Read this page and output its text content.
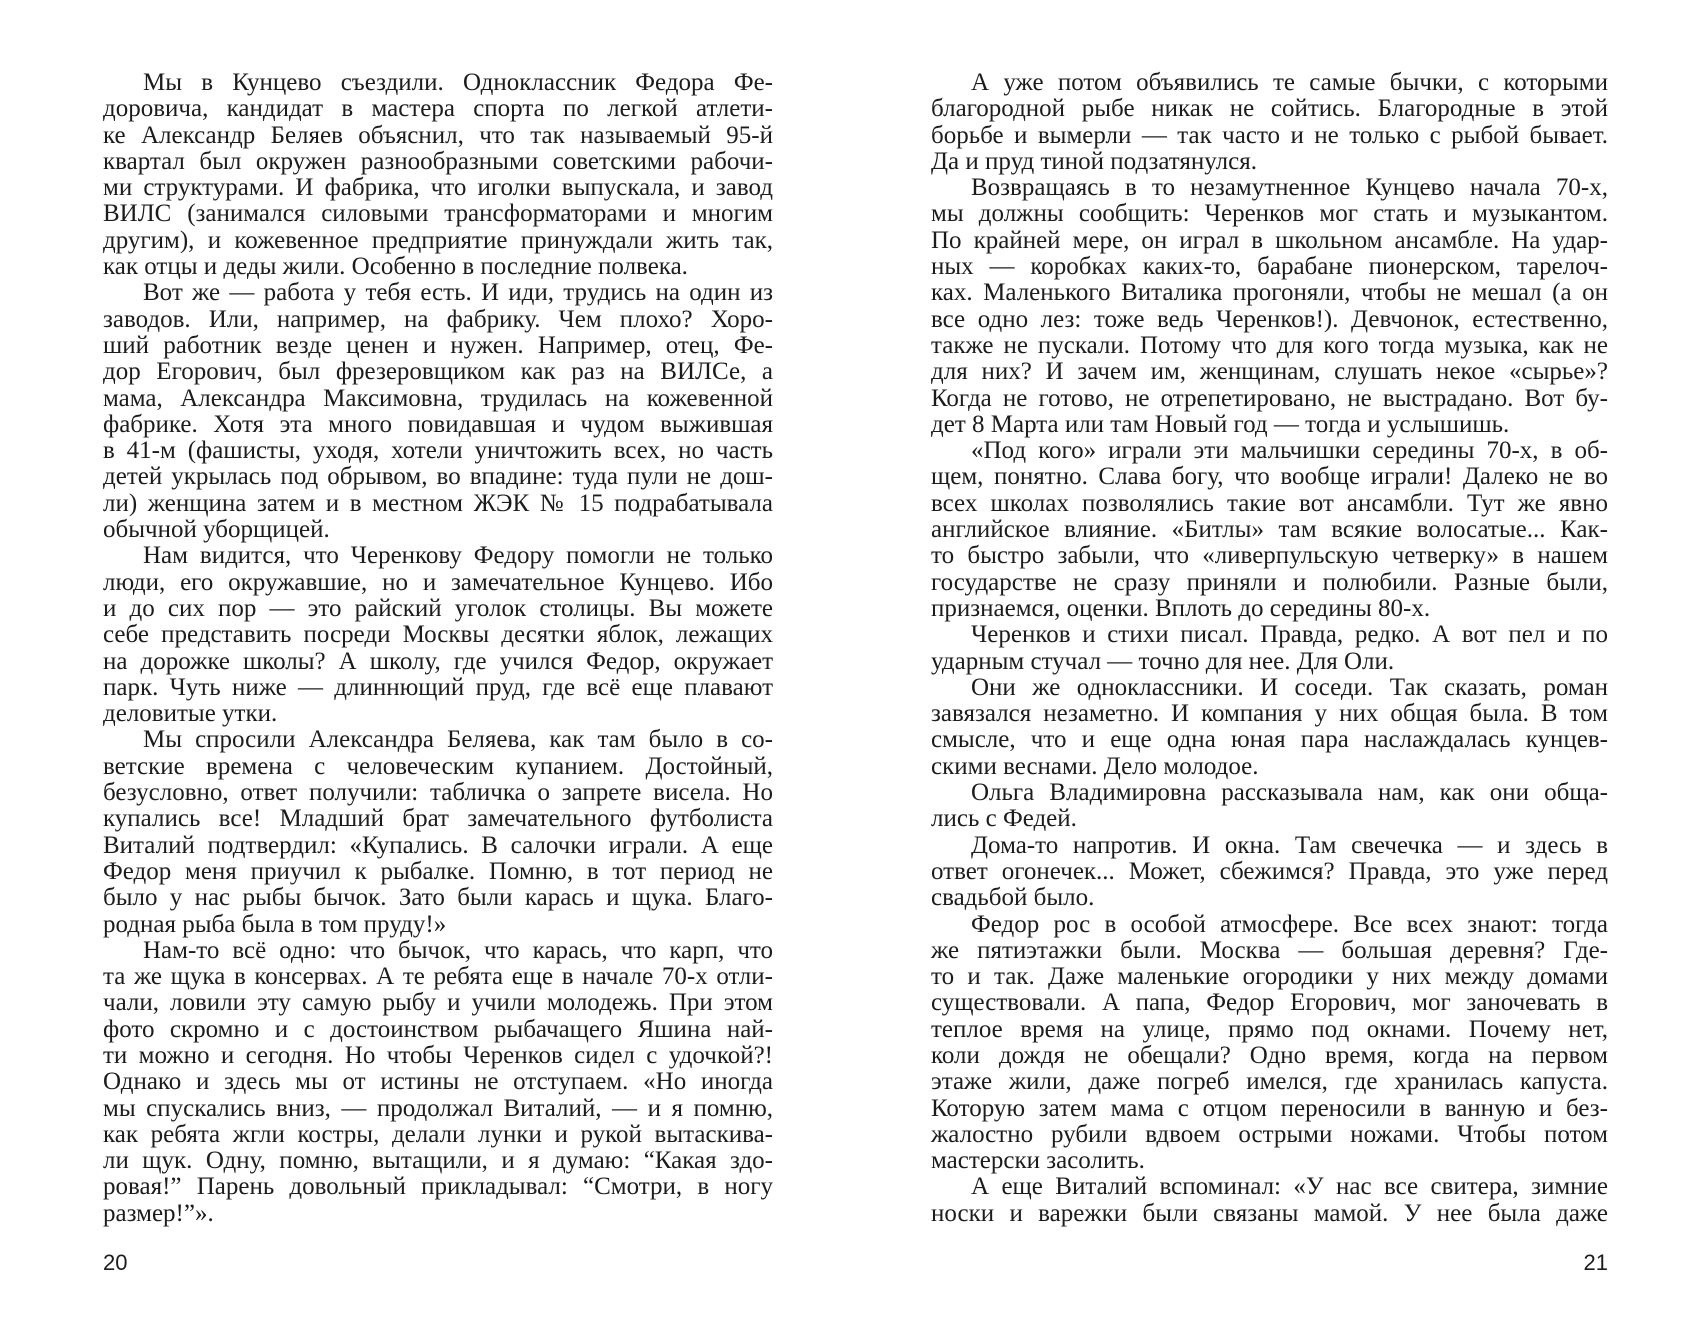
Мы в Кунцево съездили. Одноклассник Федора Фе-
доровича, кандидат в мастера спорта по легкой атлети-
ке Александр Беляев объяснил, что так называемый 95-й
квартал был окружен разнообразными советскими рабочи-
ми структурами. И фабрика, что иголки выпускала, и завод
ВИЛС (занимался силовыми трансформаторами и многим
другим), и кожевенное предприятие принуждали жить так,
как отцы и деды жили. Особенно в последние полвека.
Вот же — работа у тебя есть. И иди, трудись на один из
заводов. Или, например, на фабрику. Чем плохо? Хоро-
ший работник везде ценен и нужен. Например, отец, Фе-
дор Егорович, был фрезеровщиком как раз на ВИЛСе, а
мама, Александра Максимовна, трудилась на кожевенной
фабрике. Хотя эта много повидавшая и чудом выжившая
в 41-м (фашисты, уходя, хотели уничтожить всех, но часть
детей укрылась под обрывом, во впадине: туда пули не дош-
ли) женщина затем и в местном ЖЭК № 15 подрабатывала
обычной уборщицей.
Нам видится, что Черенкову Федору помогли не только
люди, его окружавшие, но и замечательное Кунцево. Ибо
и до сих пор — это райский уголок столицы. Вы можете
себе представить посреди Москвы десятки яблок, лежащих
на дорожке школы? А школу, где учился Федор, окружает
парк. Чуть ниже — длиннющий пруд, где всё еще плавают
деловитые утки.
Мы спросили Александра Беляева, как там было в со-
ветские времена с человеческим купанием. Достойный,
безусловно, ответ получили: табличка о запрете висела. Но
купались все! Младший брат замечательного футболиста
Виталий подтвердил: «Купались. В салочки играли. А еще
Федор меня приучил к рыбалке. Помню, в тот период не
было у нас рыбы бычок. Зато были карась и щука. Благо-
родная рыба была в том пруду!»
Нам-то всё одно: что бычок, что карась, что карп, что
та же щука в консервах. А те ребята еще в начале 70-х отли-
чали, ловили эту самую рыбу и учили молодежь. При этом
фото скромно и с достоинством рыбачащего Яшина най-
ти можно и сегодня. Но чтобы Черенков сидел с удочкой?!
Однако и здесь мы от истины не отступаем. «Но иногда
мы спускались вниз, — продолжал Виталий, — и я помню,
как ребята жгли костры, делали лунки и рукой вытаскива-
ли щук. Одну, помню, вытащили, и я думаю: “Какая здо-
ровая!” Парень довольный прикладывал: “Смотри, в ногу
размер!”».
А уже потом объявились те самые бычки, с которыми
благородной рыбе никак не сойтись. Благородные в этой
борьбе и вымерли — так часто и не только с рыбой бывает.
Да и пруд тиной подзатянулся.
Возвращаясь в то незамутненное Кунцево начала 70-х,
мы должны сообщить: Черенков мог стать и музыкантом.
По крайней мере, он играл в школьном ансамбле. На удар-
ных — коробках каких-то, барабане пионерском, тарелоч-
ках. Маленького Виталика прогоняли, чтобы не мешал (а он
все одно лез: тоже ведь Черенков!). Девчонок, естественно,
также не пускали. Потому что для кого тогда музыка, как не
для них? И зачем им, женщинам, слушать некое «сырье»?
Когда не готово, не отрепетировано, не выстрадано. Вот бу-
дет 8 Марта или там Новый год — тогда и услышишь.
«Под кого» играли эти мальчишки середины 70-х, в об-
щем, понятно. Слава богу, что вообще играли! Далеко не во
всех школах позволялись такие вот ансамбли. Тут же явно
английское влияние. «Битлы» там всякие волосатые... Как-
то быстро забыли, что «ливерпульскую четверку» в нашем
государстве не сразу приняли и полюбили. Разные были,
признаемся, оценки. Вплоть до середины 80-х.
Черенков и стихи писал. Правда, редко. А вот пел и по
ударным стучал — точно для нее. Для Оли.
Они же одноклассники. И соседи. Так сказать, роман
завязался незаметно. И компания у них общая была. В том
смысле, что и еще одна юная пара наслаждалась кунцев-
скими веснами. Дело молодое.
Ольга Владимировна рассказывала нам, как они обща-
лись с Федей.
Дома-то напротив. И окна. Там свечечка — и здесь в
ответ огонечек... Может, сбежимся? Правда, это уже перед
свадьбой было.
Федор рос в особой атмосфере. Все всех знают: тогда
же пятиэтажки были. Москва — большая деревня? Где-
то и так. Даже маленькие огородики у них между домами
существовали. А папа, Федор Егорович, мог заночевать в
теплое время на улице, прямо под окнами. Почему нет,
коли дождя не обещали? Одно время, когда на первом
этаже жили, даже погреб имелся, где хранилась капуста.
Которую затем мама с отцом переносили в ванную и без-
жалостно рубили вдвоем острыми ножами. Чтобы потом
мастерски засолить.
А еще Виталий вспоминал: «У нас все свитера, зимние
носки и варежки были связаны мамой. У нее была даже
20	21
